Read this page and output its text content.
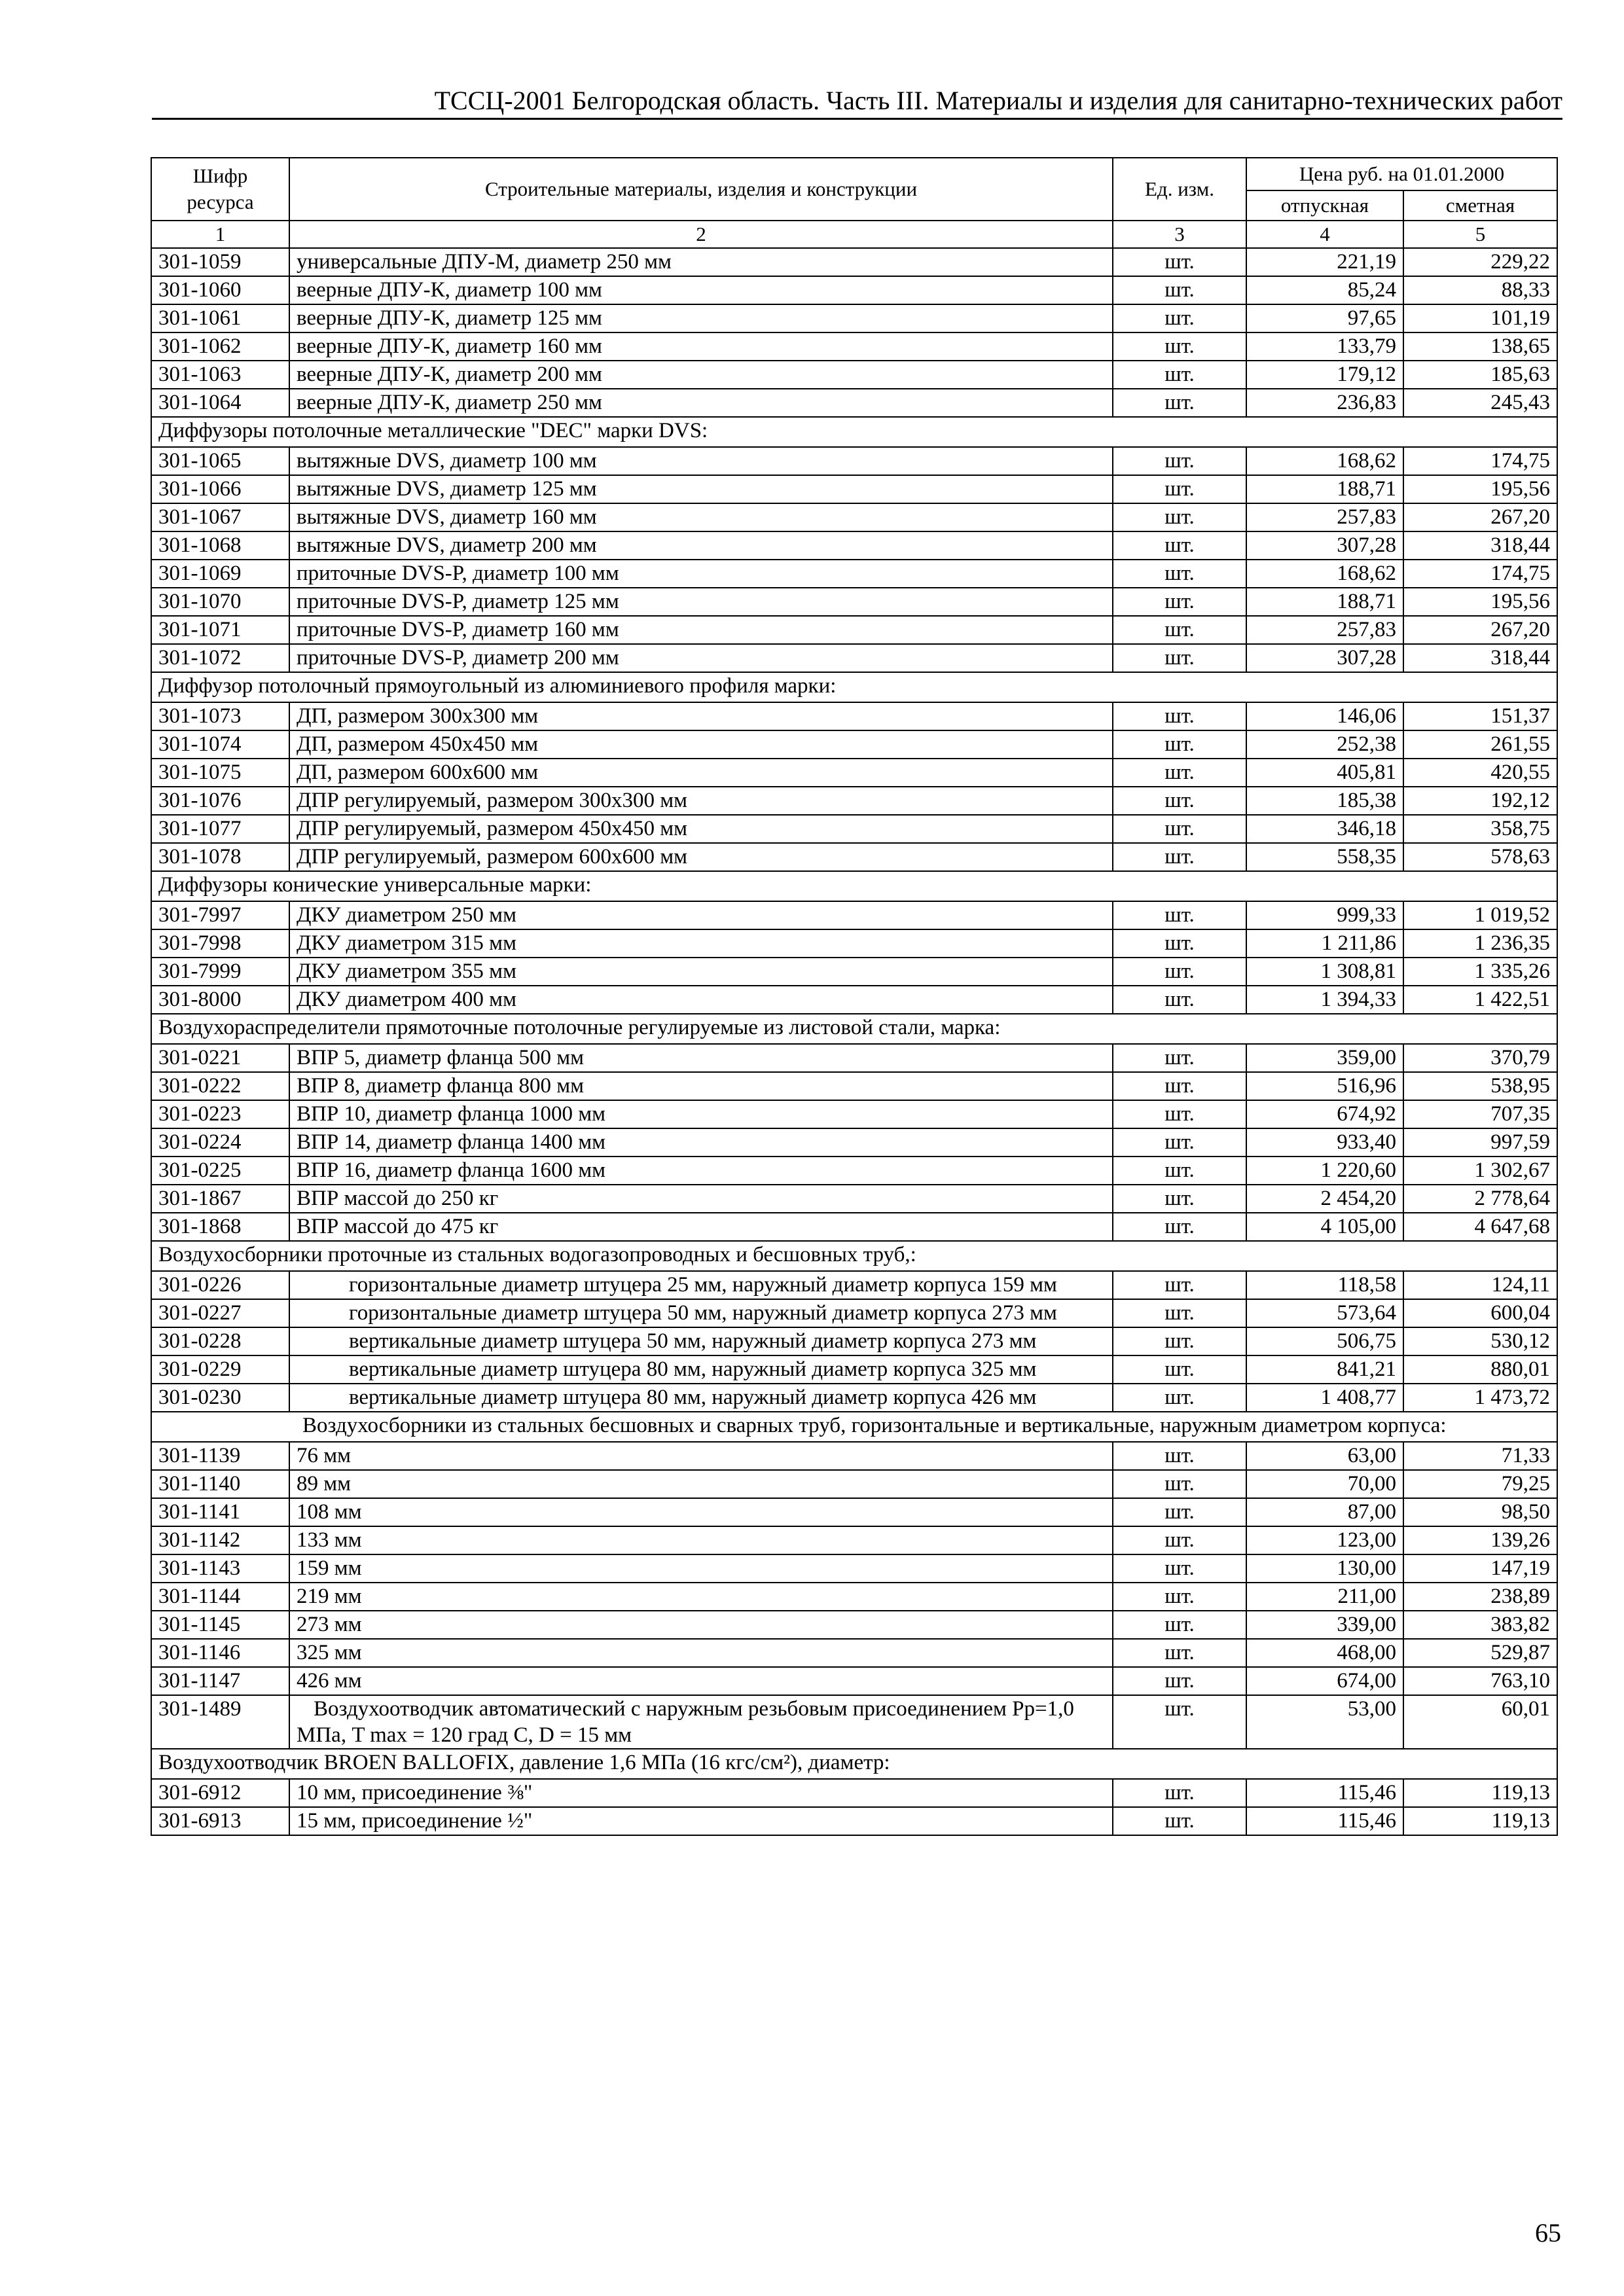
ТССЦ-2001 Белгородская область. Часть III. Материалы и изделия для санитарно-технических работ
Шифр ресурса	Строительные материалы, изделия и конструкции	Ед. изм.	Цена руб. на 01.01.2000	
			отпускная	сметная
1	2	3	4	5
301-1059	универсальные ДПУ-М, диаметр 250 мм	шт.	221,19	229,22
301-1060	веерные ДПУ-К, диаметр 100 мм	шт.	85,24	88,33
301-1061	веерные ДПУ-К, диаметр 125 мм	шт.	97,65	101,19
301-1062	веерные ДПУ-К, диаметр 160 мм	шт.	133,79	138,65
301-1063	веерные ДПУ-К, диаметр 200 мм	шт.	179,12	185,63
301-1064	веерные ДПУ-К, диаметр 250 мм	шт.	236,83	245,43
Диффузоры потолочные металлические "DEC" марки DVS:				
301-1065	вытяжные DVS, диаметр 100 мм	шт.	168,62	174,75
301-1066	вытяжные DVS, диаметр 125 мм	шт.	188,71	195,56
301-1067	вытяжные DVS, диаметр 160 мм	шт.	257,83	267,20
301-1068	вытяжные DVS, диаметр 200 мм	шт.	307,28	318,44
301-1069	приточные DVS-P, диаметр 100 мм	шт.	168,62	174,75
301-1070	приточные DVS-P, диаметр 125 мм	шт.	188,71	195,56
301-1071	приточные DVS-P, диаметр 160 мм	шт.	257,83	267,20
301-1072	приточные DVS-P, диаметр 200 мм	шт.	307,28	318,44
Диффузор потолочный прямоугольный из алюминиевого профиля марки:				
301-1073	ДП, размером 300x300 мм	шт.	146,06	151,37
301-1074	ДП, размером 450x450 мм	шт.	252,38	261,55
301-1075	ДП, размером 600x600 мм	шт.	405,81	420,55
301-1076	ДПР регулируемый, размером 300x300 мм	шт.	185,38	192,12
301-1077	ДПР регулируемый, размером 450x450 мм	шт.	346,18	358,75
301-1078	ДПР регулируемый, размером 600x600 мм	шт.	558,35	578,63
Диффузоры конические универсальные марки:				
301-7997	ДКУ диаметром 250 мм	шт.	999,33	1 019,52
301-7998	ДКУ диаметром 315 мм	шт.	1 211,86	1 236,35
301-7999	ДКУ диаметром 355 мм	шт.	1 308,81	1 335,26
301-8000	ДКУ диаметром 400 мм	шт.	1 394,33	1 422,51
Воздухораспределители прямоточные потолочные регулируемые из листовой стали, марка:				
301-0221	ВПР 5, диаметр фланца 500 мм	шт.	359,00	370,79
301-0222	ВПР 8, диаметр фланца 800 мм	шт.	516,96	538,95
301-0223	ВПР 10, диаметр фланца 1000 мм	шт.	674,92	707,35
301-0224	ВПР 14, диаметр фланца 1400 мм	шт.	933,40	997,59
301-0225	ВПР 16, диаметр фланца 1600 мм	шт.	1 220,60	1 302,67
301-1867	ВПР массой до 250 кг	шт.	2 454,20	2 778,64
301-1868	ВПР массой до 475 кг	шт.	4 105,00	4 647,68
Воздухосборники проточные из стальных водогазопроводных и бесшовных труб,:				
301-0226	горизонтальные диаметр штуцера 25 мм, наружный диаметр корпуса 159 мм	шт.	118,58	124,11
301-0227	горизонтальные диаметр штуцера 50 мм, наружный диаметр корпуса 273 мм	шт.	573,64	600,04
301-0228	вертикальные диаметр штуцера 50 мм, наружный диаметр корпуса 273 мм	шт.	506,75	530,12
301-0229	вертикальные диаметр штуцера 80 мм, наружный диаметр корпуса 325 мм	шт.	841,21	880,01
301-0230	вертикальные диаметр штуцера 80 мм, наружный диаметр корпуса 426 мм	шт.	1 408,77	1 473,72
Воздухосборники из стальных бесшовных и сварных труб, горизонтальные и вертикальные, наружным диаметром корпуса:				
301-1139	76 мм	шт.	63,00	71,33
301-1140	89 мм	шт.	70,00	79,25
301-1141	108 мм	шт.	87,00	98,50
301-1142	133 мм	шт.	123,00	139,26
301-1143	159 мм	шт.	130,00	147,19
301-1144	219 мм	шт.	211,00	238,89
301-1145	273 мм	шт.	339,00	383,82
301-1146	325 мм	шт.	468,00	529,87
301-1147	426 мм	шт.	674,00	763,10
301-1489	Воздухоотводчик автоматический с наружным резьбовым присоединением Pp=1,0 МПа, T max = 120 град C, D = 15 мм	шт.	53,00	60,01
Воздухоотводчик BROEN BALLOFIX, давление 1,6 МПа (16 кгс/см²), диаметр:				
301-6912	10 мм, присоединение ⅜"	шт.	115,46	119,13
301-6913	15 мм, присоединение ½"	шт.	115,46	119,13
65
